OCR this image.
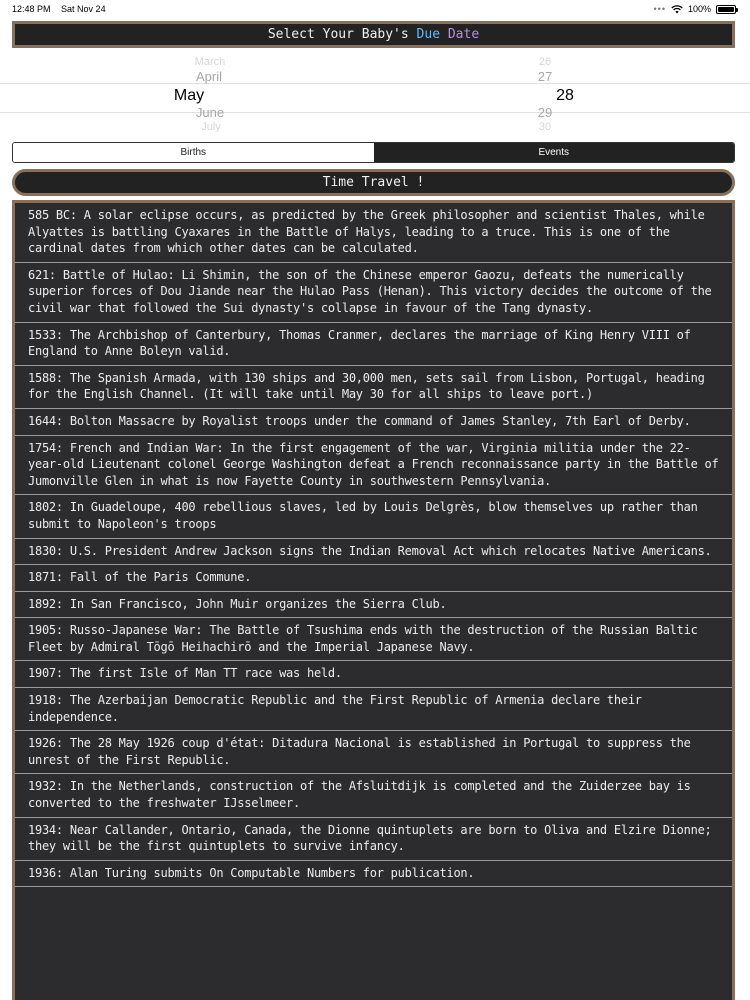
12:48 PM Sat Nov 24	••• 100%
Select Your Baby's Due
Date
March
April
May
June
July
26
27
28
29
30
Births	Events
Time Travel !
585 BC: A solar eclipse occurs, as predicted by the Greek philosopher and scientist Thales, while Alyattes is battling Cyaxares in the Battle of Halys, leading to a truce. This is one of the cardinal dates from which other dates can be calculated.
621: Battle of Hulao: Li Shimin, the son of the Chinese emperor Gaozu, defeats the numerically superior forces of Dou Jiande near the Hulao Pass (Henan). This victory decides the outcome of the civil war that followed the Sui dynasty's collapse in favour of the Tang dynasty.
1533: The Archbishop of Canterbury, Thomas Cranmer, declares the marriage of King Henry VIII of England to Anne Boleyn valid.
1588: The Spanish Armada, with 130 ships and 30,000 men, sets sail from Lisbon, Portugal, heading for the English Channel. (It will take until May 30 for all ships to leave port.)
1644: Bolton Massacre by Royalist troops under the command of James Stanley, 7th Earl of Derby.
1754: French and Indian War: In the first engagement of the war, Virginia militia under the 22-year-old Lieutenant colonel George Washington defeat a French reconnaissance party in the Battle of Jumonville Glen in what is now Fayette County in southwestern Pennsylvania.
1802: In Guadeloupe, 400 rebellious slaves, led by Louis Delgrès, blow themselves up rather than submit to Napoleon's troops
1830: U.S. President Andrew Jackson signs the Indian Removal Act which relocates Native Americans.
1871: Fall of the Paris Commune.
1892: In San Francisco, John Muir organizes the Sierra Club.
1905: Russo-Japanese War: The Battle of Tsushima ends with the destruction of the Russian Baltic Fleet by Admiral Tōgō Heihachirō and the Imperial Japanese Navy.
1907: The first Isle of Man TT race was held.
1918: The Azerbaijan Democratic Republic and the First Republic of Armenia declare their independence.
1926: The 28 May 1926 coup d'état: Ditadura Nacional is established in Portugal to suppress the unrest of the First Republic.
1932: In the Netherlands, construction of the Afsluitdijk is completed and the Zuiderzee bay is converted to the freshwater IJsselmeer.
1934: Near Callander, Ontario, Canada, the Dionne quintuplets are born to Oliva and Elzire Dionne; they will be the first quintuplets to survive infancy.
1936: Alan Turing submits On Computable Numbers for publication.
